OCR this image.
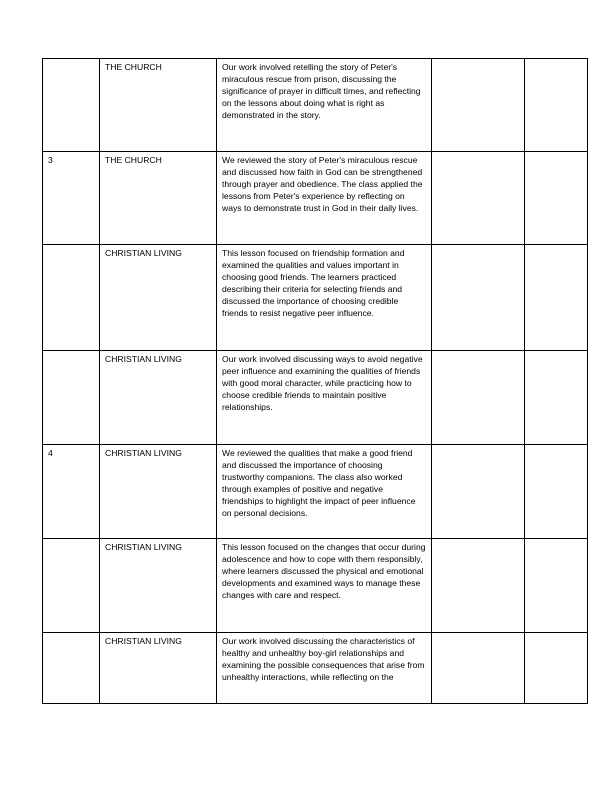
	THE CHURCH	Our work involved retelling the story of Peter's miraculous rescue from prison, discussing the significance of prayer in difficult times, and reflecting on the lessons about doing what is right as demonstrated in the story.		
3	THE CHURCH	We reviewed the story of Peter's miraculous rescue and discussed how faith in God can be strengthened through prayer and obedience. The class applied the lessons from Peter's experience by reflecting on ways to demonstrate trust in God in their daily lives.		
	CHRISTIAN LIVING	This lesson focused on friendship formation and examined the qualities and values important in choosing good friends. The learners practiced describing their criteria for selecting friends and discussed the importance of choosing credible friends to resist negative peer influence.		
	CHRISTIAN LIVING	Our work involved discussing ways to avoid negative peer influence and examining the qualities of friends with good moral character, while practicing how to choose credible friends to maintain positive relationships.		
4	CHRISTIAN LIVING	We reviewed the qualities that make a good friend and discussed the importance of choosing trustworthy companions. The class also worked through examples of positive and negative friendships to highlight the impact of peer influence on personal decisions.		
	CHRISTIAN LIVING	This lesson focused on the changes that occur during adolescence and how to cope with them responsibly, where learners discussed the physical and emotional developments and examined ways to manage these changes with care and respect.		
	CHRISTIAN LIVING	Our work involved discussing the characteristics of healthy and unhealthy boy-girl relationships and examining the possible consequences that arise from unhealthy interactions, while reflecting on the		
